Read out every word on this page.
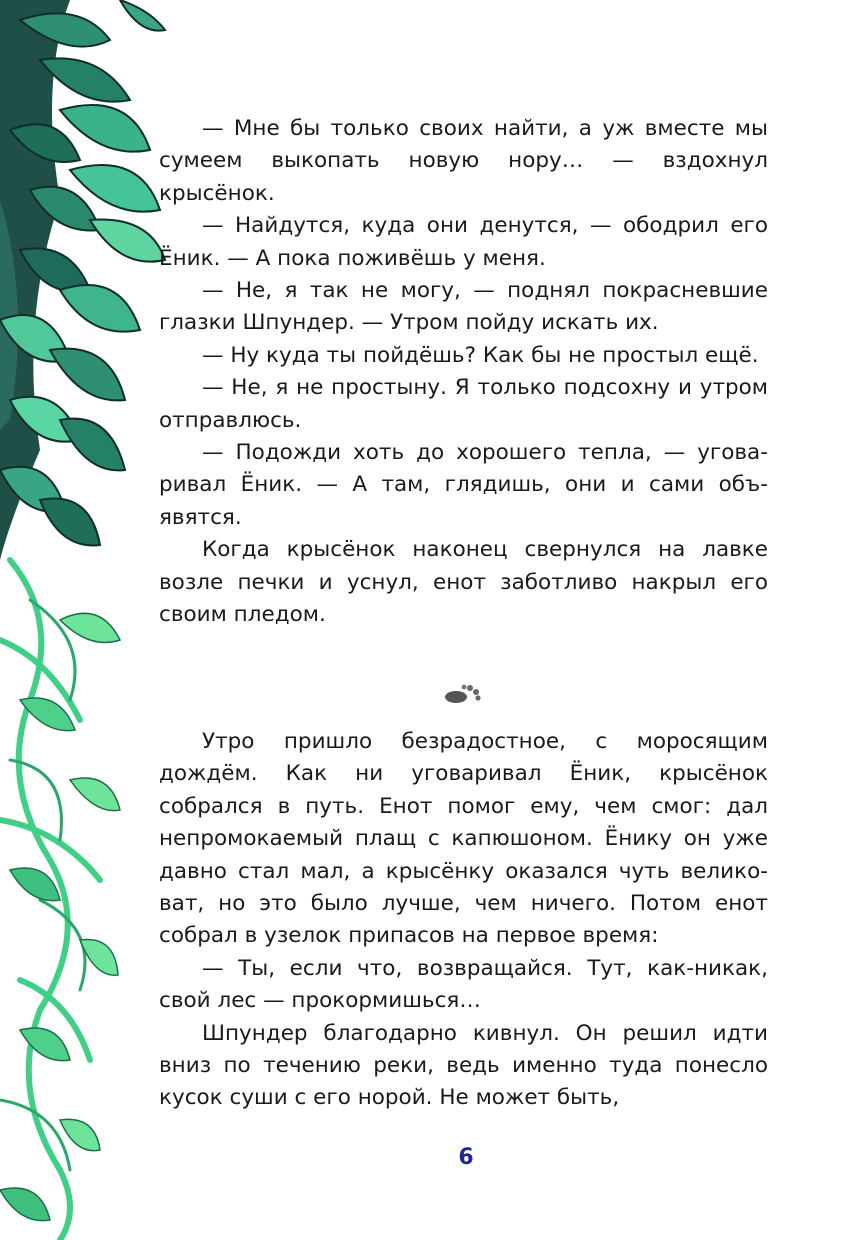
— Мне бы только своих найти, а уж вместе мы сумеем выкопать новую нору… — вздохнул крысёнок.

— Найдутся, куда они денутся, — ободрил его Ёник. — А пока поживёшь у меня.

— Не, я так не могу, — поднял покрасневшие глазки Шпундер. — Утром пойду искать их.

— Ну куда ты пойдёшь? Как бы не простыл ещё.

— Не, я не простыну. Я только подсохну и утром отправлюсь.

— Подожди хоть до хорошего тепла, — уговаривал Ёник. — А там, глядишь, они и сами объявятся.

Когда крысёнок наконец свернулся на лавке возле печки и уснул, енот заботливо накрыл его своим пледом.

Утро пришло безрадостное, с моросящим дождём. Как ни уговаривал Ёник, крысёнок собрался в путь. Енот помог ему, чем смог: дал непромокаемый плащ с капюшоном. Ёнику он уже давно стал мал, а крысёнку оказался чуть великоват, но это было лучше, чем ничего. Потом енот собрал в узелок припасов на первое время:

— Ты, если что, возвращайся. Тут, как-никак, свой лес — прокормишься…

Шпундер благодарно кивнул. Он решил идти вниз по течению реки, ведь именно туда понесло кусок суши с его норой. Не может быть,

6
